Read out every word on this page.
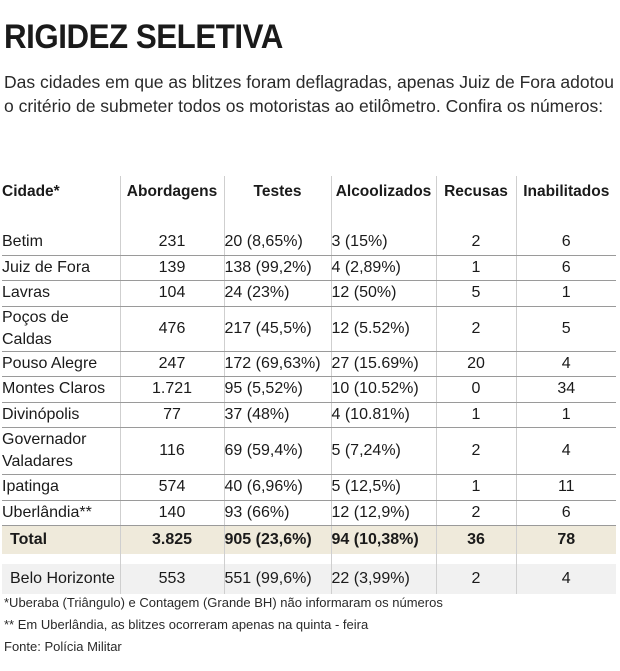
RIGIDEZ SELETIVA
Das cidades em que as blitzes foram deflagradas, apenas Juiz de Fora adotou o critério de submeter todos os motoristas ao etilômetro. Confira os números:
Cidade*	Abordagens	Testes	Alcoolizados	Recusas	Inabilitados

Betim	231	20 (8,65%)	3 (15%)	2	6
Juiz de Fora	139	138 (99,2%)	4 (2,89%)	1	6
Lavras	104	24 (23%)	12 (50%)	5	1
Poços de Caldas	476	217 (45,5%)	12 (5.52%)	2	5
Pouso Alegre	247	172 (69,63%)	27 (15.69%)	20	4
Montes Claros	1.721	95 (5,52%)	10 (10.52%)	0	34
Divinópolis	77	37 (48%)	4 (10.81%)	1	1
Governador Valadares	116	69 (59,4%)	5 (7,24%)	2	4
Ipatinga	574	40 (6,96%)	5 (12,5%)	1	11
Uberlândia**	140	93 (66%)	12 (12,9%)	2	6
Total	3.825	905 (23,6%)	94 (10,38%)	36	78

Belo Horizonte	553	551 (99,6%)	22 (3,99%)	2	4
*Uberaba (Triângulo) e Contagem (Grande BH) não informaram os números
** Em Uberlândia, as blitzes ocorreram apenas na quinta - feira
Fonte: Polícia Militar
